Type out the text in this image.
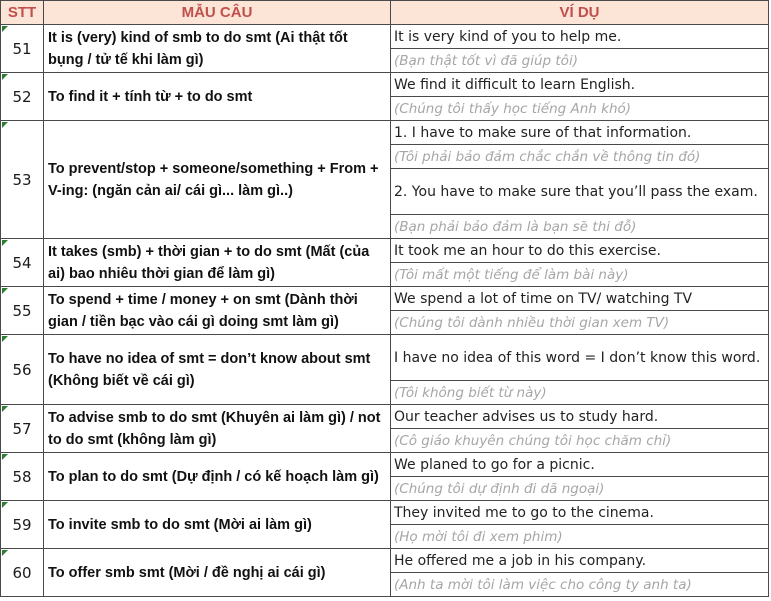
STT	MẪU CÂU	VÍ DỤ
51	It is (very) kind of smb to do smt (Ai thật tốt bụng / tử tế khi làm gì)	It is very kind of you to help me.
		(Bạn thật tốt vì đã giúp tôi)
52	To find it + tính từ + to do smt	We find it difficult to learn English.
		(Chúng tôi thấy học tiếng Anh khó)
53	To prevent/stop + someone/something + From + V-ing: (ngăn cản ai/ cái gì... làm gì..)	1. I have to make sure of that information.
		(Tôi phải bảo đảm chắc chắn về thông tin đó)
		2. You have to make sure that you’ll pass the exam.
		(Bạn phải bảo đảm là bạn sẽ thi đỗ)
54	It takes (smb) + thời gian + to do smt (Mất (của ai) bao nhiêu thời gian để làm gì)	It took me an hour to do this exercise.
		(Tôi mất một tiếng để làm bài này)
55	To spend + time / money + on smt (Dành thời gian / tiền bạc vào cái gì doing smt làm gì)	We spend a lot of time on TV/ watching TV
		(Chúng tôi dành nhiều thời gian xem TV)
56	To have no idea of smt = don’t know about smt (Không biết về cái gì)	I have no idea of this word = I don’t know this word.
		(Tôi không biết từ này)
57	To advise smb to do smt (Khuyên ai làm gì) / not to do smt (không làm gì)	Our teacher advises us to study hard.
		(Cô giáo khuyên chúng tôi học chăm chỉ)
58	To plan to do smt (Dự định / có kế hoạch làm gì)	We planed to go for a picnic.
		(Chúng tôi dự định đi dã ngoại)
59	To invite smb to do smt (Mời ai làm gì)	They invited me to go to the cinema.
		(Họ mời tôi đi xem phim)
60	To offer smb smt (Mời / đề nghị ai cái gì)	He offered me a job in his company.
		(Anh ta mời tôi làm việc cho công ty anh ta)
